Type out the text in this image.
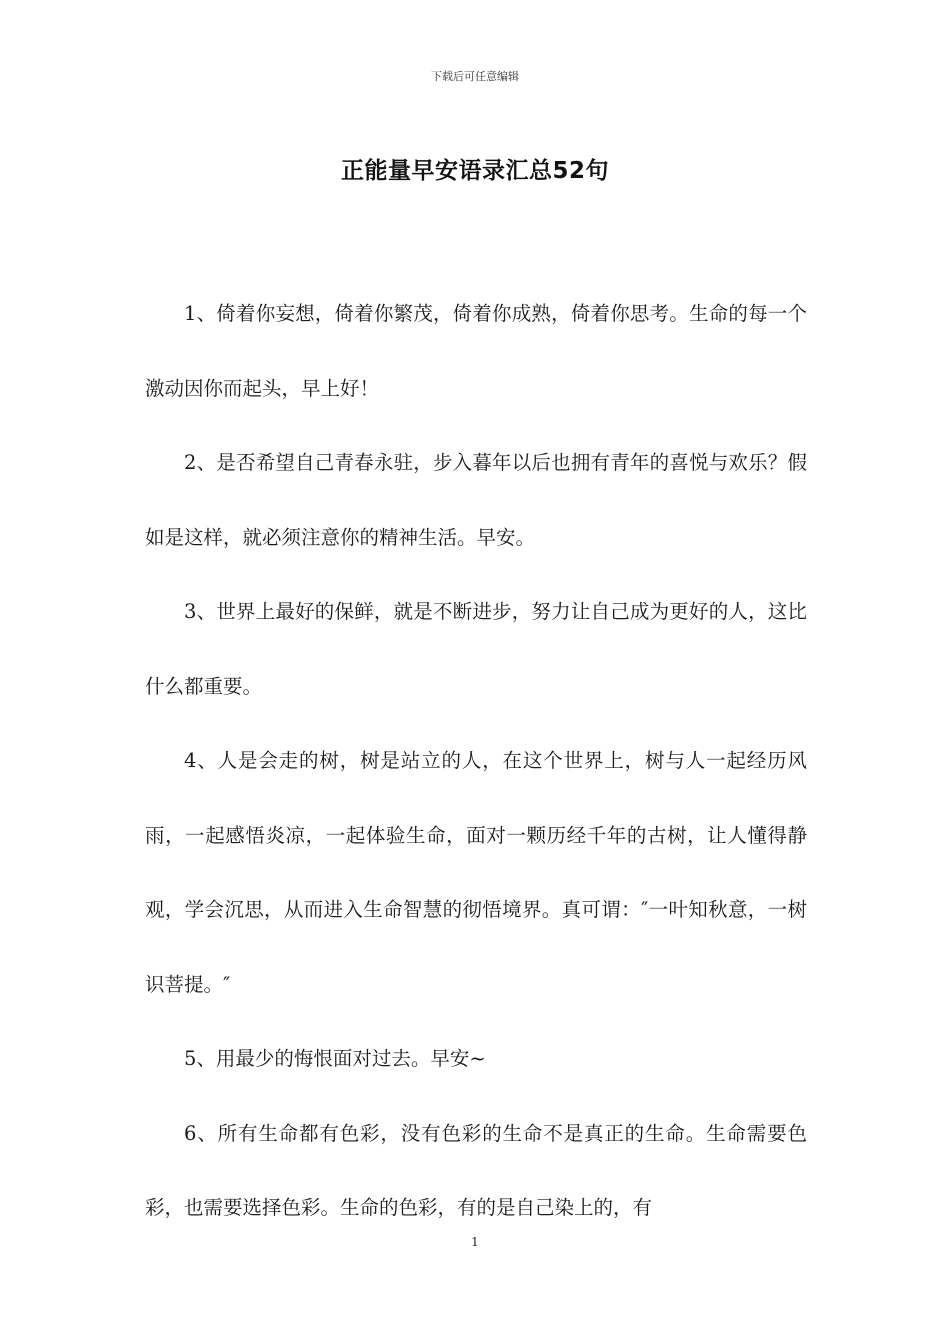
下载后可任意编辑
正能量早安语录汇总52句

1、倚着你妄想，倚着你繁茂，倚着你成熟，倚着你思考。生命的每一个激动因你而起头，早上好！

2、是否希望自己青春永驻，步入暮年以后也拥有青年的喜悦与欢乐？假如是这样，就必须注意你的精神生活。早安。

3、世界上最好的保鲜，就是不断进步，努力让自己成为更好的人，这比什么都重要。

4、人是会走的树，树是站立的人，在这个世界上，树与人一起经历风雨，一起感悟炎凉，一起体验生命，面对一颗历经千年的古树，让人懂得静观，学会沉思，从而进入生命智慧的彻悟境界。真可谓：″一叶知秋意，一树识菩提。″

5、用最少的悔恨面对过去。早安~

6、所有生命都有色彩，没有色彩的生命不是真正的生命。生命需要色彩，也需要选择色彩。生命的色彩，有的是自己染上的，有

1
